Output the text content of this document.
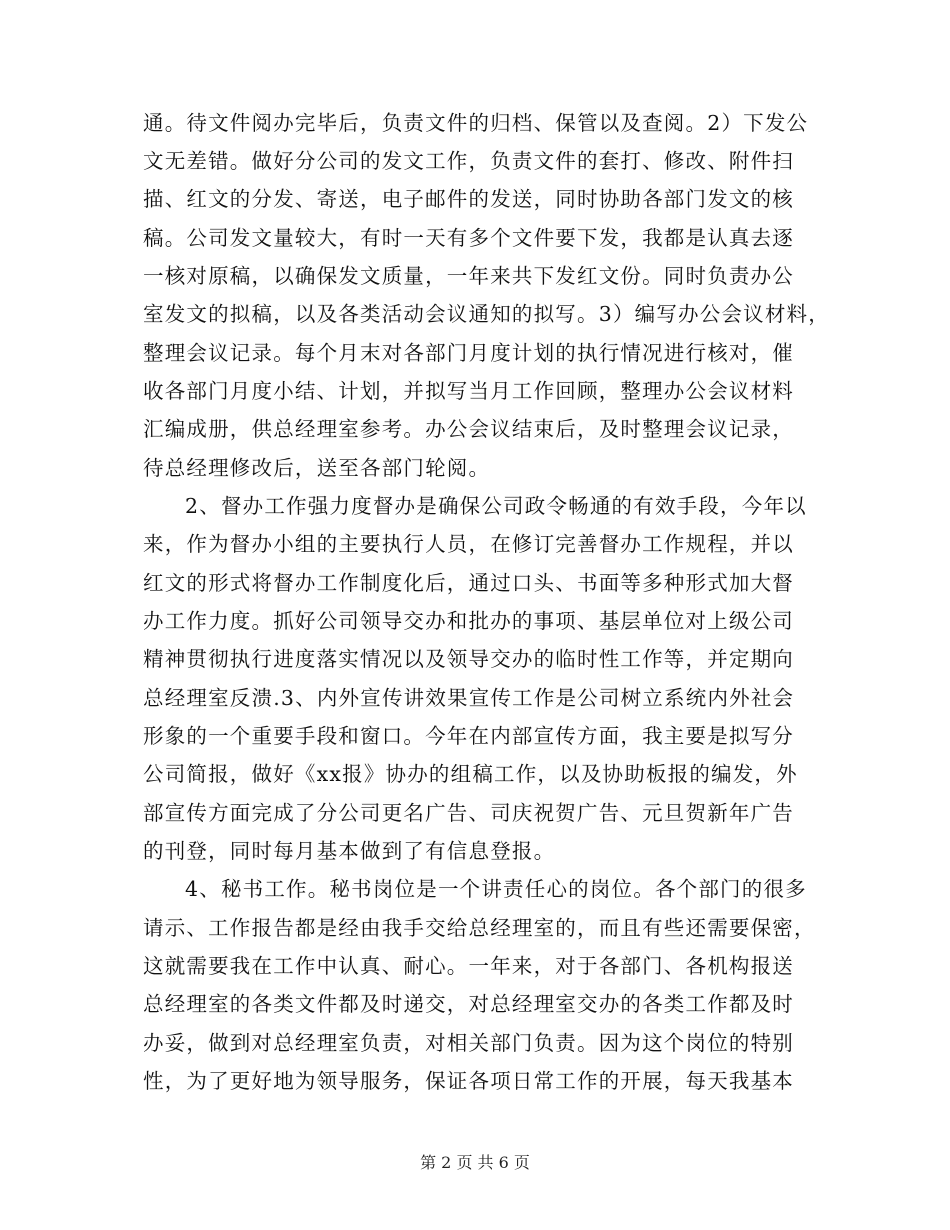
通。待文件阅办完毕后，负责文件的归档、保管以及查阅。2）下发公

文无差错。做好分公司的发文工作，负责文件的套打、修改、附件扫

描、红文的分发、寄送，电子邮件的发送，同时协助各部门发文的核

稿。公司发文量较大，有时一天有多个文件要下发，我都是认真去逐

一核对原稿，以确保发文质量，一年来共下发红文份。同时负责办公

室发文的拟稿，以及各类活动会议通知的拟写。3）编写办公会议材料，

整理会议记录。每个月末对各部门月度计划的执行情况进行核对，催

收各部门月度小结、计划，并拟写当月工作回顾，整理办公会议材料

汇编成册，供总经理室参考。办公会议结束后，及时整理会议记录，

待总经理修改后，送至各部门轮阅。

2、督办工作强力度督办是确保公司政令畅通的有效手段，今年以

来，作为督办小组的主要执行人员，在修订完善督办工作规程，并以

红文的形式将督办工作制度化后，通过口头、书面等多种形式加大督

办工作力度。抓好公司领导交办和批办的事项、基层单位对上级公司

精神贯彻执行进度落实情况以及领导交办的临时性工作等，并定期向

总经理室反溃.3、内外宣传讲效果宣传工作是公司树立系统内外社会

形象的一个重要手段和窗口。今年在内部宣传方面，我主要是拟写分

公司简报，做好《xx报》协办的组稿工作，以及协助板报的编发，外

部宣传方面完成了分公司更名广告、司庆祝贺广告、元旦贺新年广告

的刊登，同时每月基本做到了有信息登报。

4、秘书工作。秘书岗位是一个讲责任心的岗位。各个部门的很多

请示、工作报告都是经由我手交给总经理室的，而且有些还需要保密，

这就需要我在工作中认真、耐心。一年来，对于各部门、各机构报送

总经理室的各类文件都及时递交，对总经理室交办的各类工作都及时

办妥，做到对总经理室负责，对相关部门负责。因为这个岗位的特别

性，为了更好地为领导服务，保证各项日常工作的开展，每天我基本

第 2 页 共 6 页
